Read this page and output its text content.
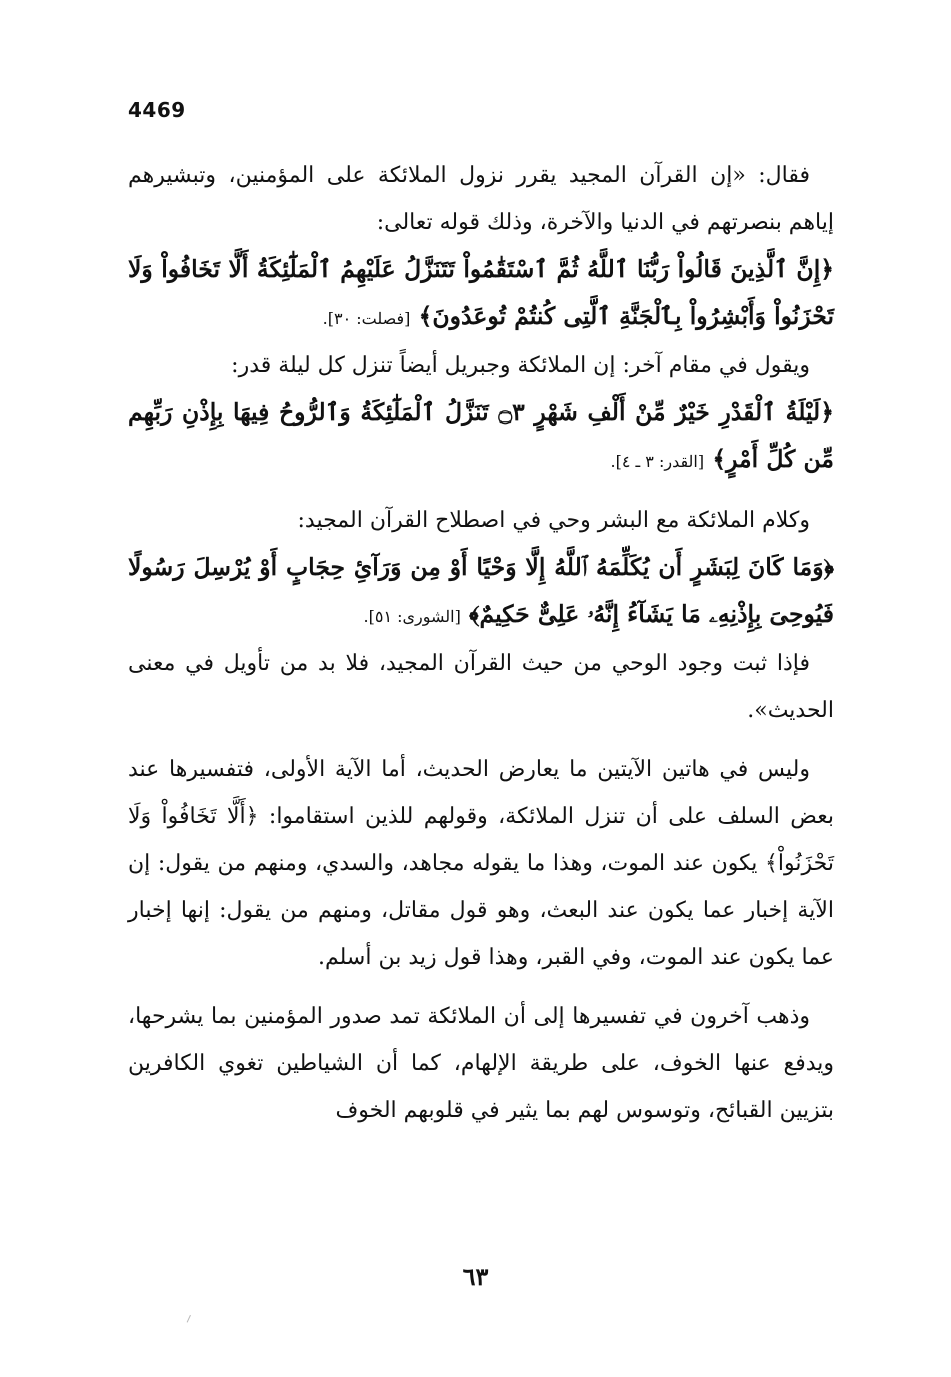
4469

فقال: «إن القرآن المجيد يقرر نزول الملائكة على المؤمنين، وتبشيرهم إياهم بنصرتهم في الدنيا والآخرة، وذلك قوله تعالى:

﴿إِنَّ ٱلَّذِينَ قَالُواْ رَبُّنَا ٱللَّهُ ثُمَّ ٱسْتَقَٰمُواْ تَتَنَزَّلُ عَلَيْهِمُ ٱلْمَلَٰٓئِكَةُ أَلَّا تَخَافُواْ وَلَا تَحْزَنُواْ وَأَبْشِرُواْ بِٱلْجَنَّةِ ٱلَّتِى كُنتُمْ تُوعَدُونَ﴾ [فصلت: ٣٠].

ويقول في مقام آخر: إن الملائكة وجبريل أيضاً تنزل كل ليلة قدر:

﴿لَيْلَةُ ٱلْقَدْرِ خَيْرٌ مِّنْ أَلْفِ شَهْرٍ ۝٣ تَنَزَّلُ ٱلْمَلَٰٓئِكَةُ وَٱلرُّوحُ فِيهَا بِإِذْنِ رَبِّهِم مِّن كُلِّ أَمْرٍ﴾ [القدر: ٣ ـ ٤].

وكلام الملائكة مع البشر وحي في اصطلاح القرآن المجيد:

﴿وَمَا كَانَ لِبَشَرٍ أَن يُكَلِّمَهُ ٱللَّهُ إِلَّا وَحْيًا أَوْ مِن وَرَآئِ حِجَابٍ أَوْ يُرْسِلَ رَسُولًا فَيُوحِىَ بِإِذْنِهِۦ مَا يَشَآءُ إِنَّهُۥ عَلِىٌّ حَكِيمٌ﴾ [الشورى: ٥١].

فإذا ثبت وجود الوحي من حيث القرآن المجيد، فلا بد من تأويل في معنى الحديث».

وليس في هاتين الآيتين ما يعارض الحديث، أما الآية الأولى، فتفسيرها عند بعض السلف على أن تنزل الملائكة، وقولهم للذين استقاموا: ﴿أَلَّا تَخَافُواْ وَلَا تَحْزَنُواْ﴾ يكون عند الموت، وهذا ما يقوله مجاهد، والسدي، ومنهم من يقول: إن الآية إخبار عما يكون عند البعث، وهو قول مقاتل، ومنهم من يقول: إنها إخبار عما يكون عند الموت، وفي القبر، وهذا قول زيد بن أسلم.

وذهب آخرون في تفسيرها إلى أن الملائكة تمد صدور المؤمنين بما يشرحها، ويدفع عنها الخوف، على طريقة الإلهام، كما أن الشياطين تغوي الكافرين بتزيين القبائح، وتوسوس لهم بما يثير في قلوبهم الخوف

٦٣
